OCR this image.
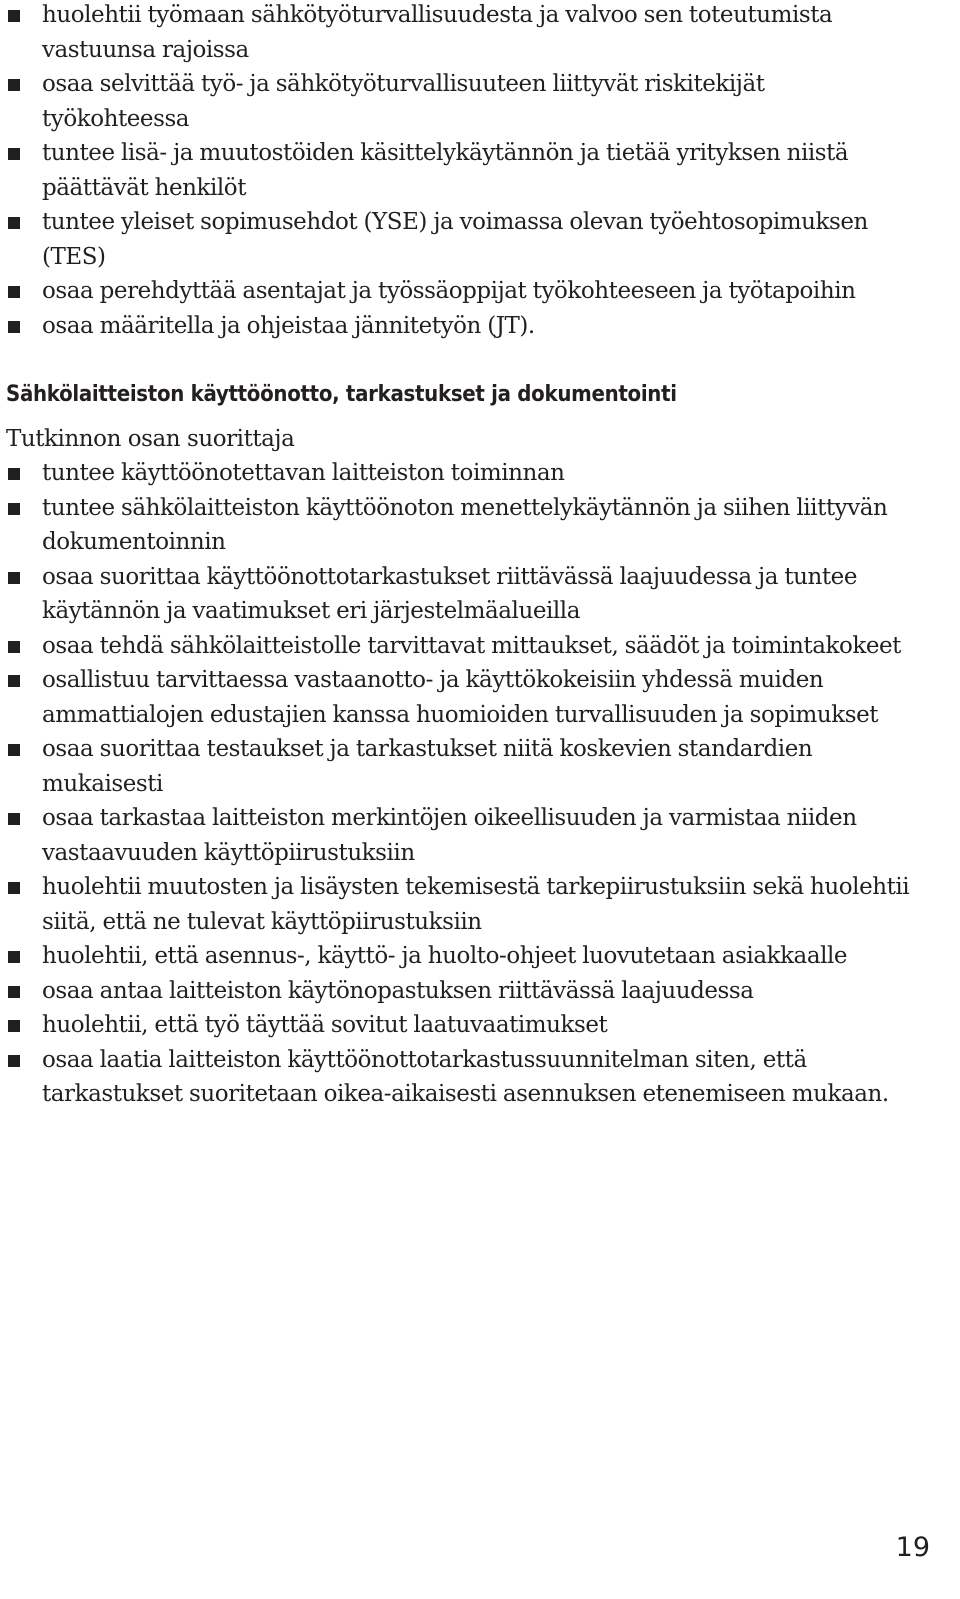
huolehtii työmaan sähkötyöturvallisuudesta ja valvoo sen toteutumista vastuunsa rajoissa
osaa selvittää työ- ja sähkötyöturvallisuuteen liittyvät riskitekijät työkohteessa
tuntee lisä- ja muutostöiden käsittelykäytännön ja tietää yrityksen niistä päättävät henkilöt
tuntee yleiset sopimusehdot (YSE) ja voimassa olevan työehtosopimuksen (TES)
osaa perehdyttää asentajat ja työssäoppijat työkohteeseen ja työtapoihin
osaa määritella ja ohjeistaa jännitetyön (JT).
Sähkölaitteiston käyttöönotto, tarkastukset ja dokumentointi

Tutkinnon osan suorittaja

tuntee käyttöönotettavan laitteiston toiminnan
tuntee sähkölaitteiston käyttöönoton menettelykäytännön ja siihen liittyvän dokumentoinnin
osaa suorittaa käyttöönottotarkastukset riittävässä laajuudessa ja tuntee käytännön ja vaatimukset eri järjestelmäalueilla
osaa tehdä sähkölaitteistolle tarvittavat mittaukset, säädöt ja toimintakokeet
osallistuu tarvittaessa vastaanotto- ja käyttökokeisiin yhdessä muiden ammattialojen edustajien kanssa huomioiden turvallisuuden ja sopimukset
osaa suorittaa testaukset ja tarkastukset niitä koskevien standardien mukaisesti
osaa tarkastaa laitteiston merkintöjen oikeellisuuden ja varmistaa niiden vastaavuuden käyttöpiirustuksiin
huolehtii muutosten ja lisäysten tekemisestä tarkepiirustuksiin sekä huolehtii siitä, että ne tulevat käyttöpiirustuksiin
huolehtii, että asennus-, käyttö- ja huolto-ohjeet luovutetaan asiakkaalle
osaa antaa laitteiston käytönopastuksen riittävässä laajuudessa
huolehtii, että työ täyttää sovitut laatuvaatimukset
osaa laatia laitteiston käyttöönottotarkastussuunnitelman siten, että tarkastukset suoritetaan oikea-aikaisesti asennuksen etenemiseen mukaan.
19
